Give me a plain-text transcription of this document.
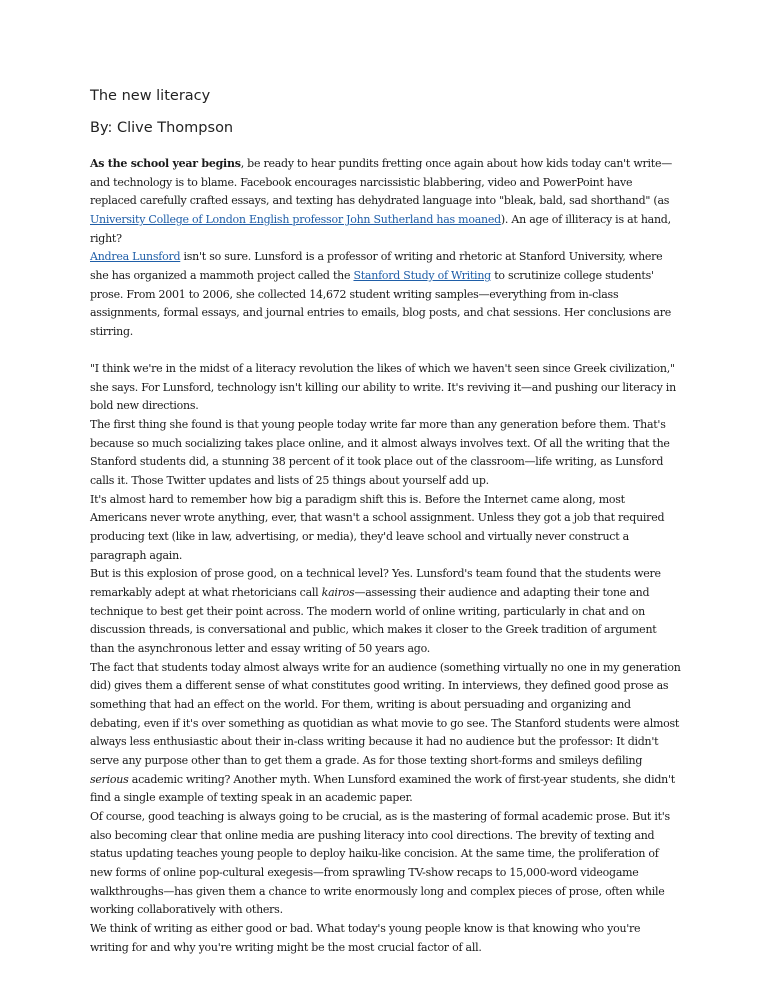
The new literacy
By: Clive Thompson

As the school year begins, be ready to hear pundits fretting once again about how kids today can't write—and technology is to blame. Facebook encourages narcissistic blabbering, video and PowerPoint have replaced carefully crafted essays, and texting has dehydrated language into "bleak, bald, sad shorthand" (as University College of London English professor John Sutherland has moaned). An age of illiteracy is at hand, right?

Andrea Lunsford isn't so sure. Lunsford is a professor of writing and rhetoric at Stanford University, where she has organized a mammoth project called the Stanford Study of Writing to scrutinize college students' prose. From 2001 to 2006, she collected 14,672 student writing samples—everything from in-class assignments, formal essays, and journal entries to emails, blog posts, and chat sessions. Her conclusions are stirring.

"I think we're in the midst of a literacy revolution the likes of which we haven't seen since Greek civilization," she says. For Lunsford, technology isn't killing our ability to write. It's reviving it—and pushing our literacy in bold new directions.

The first thing she found is that young people today write far more than any generation before them. That's because so much socializing takes place online, and it almost always involves text. Of all the writing that the Stanford students did, a stunning 38 percent of it took place out of the classroom—life writing, as Lunsford calls it. Those Twitter updates and lists of 25 things about yourself add up.

It's almost hard to remember how big a paradigm shift this is. Before the Internet came along, most Americans never wrote anything, ever, that wasn't a school assignment. Unless they got a job that required producing text (like in law, advertising, or media), they'd leave school and virtually never construct a paragraph again.

But is this explosion of prose good, on a technical level? Yes. Lunsford's team found that the students were remarkably adept at what rhetoricians call kairos—assessing their audience and adapting their tone and technique to best get their point across. The modern world of online writing, particularly in chat and on discussion threads, is conversational and public, which makes it closer to the Greek tradition of argument than the asynchronous letter and essay writing of 50 years ago.

The fact that students today almost always write for an audience (something virtually no one in my generation did) gives them a different sense of what constitutes good writing. In interviews, they defined good prose as something that had an effect on the world. For them, writing is about persuading and organizing and debating, even if it's over something as quotidian as what movie to go see. The Stanford students were almost always less enthusiastic about their in-class writing because it had no audience but the professor: It didn't serve any purpose other than to get them a grade. As for those texting short-forms and smileys defiling serious academic writing? Another myth. When Lunsford examined the work of first-year students, she didn't find a single example of texting speak in an academic paper.

Of course, good teaching is always going to be crucial, as is the mastering of formal academic prose. But it's also becoming clear that online media are pushing literacy into cool directions. The brevity of texting and status updating teaches young people to deploy haiku-like concision. At the same time, the proliferation of new forms of online pop-cultural exegesis—from sprawling TV-show recaps to 15,000-word videogame walkthroughs—has given them a chance to write enormously long and complex pieces of prose, often while working collaboratively with others.

We think of writing as either good or bad. What today's young people know is that knowing who you're writing for and why you're writing might be the most crucial factor of all.
